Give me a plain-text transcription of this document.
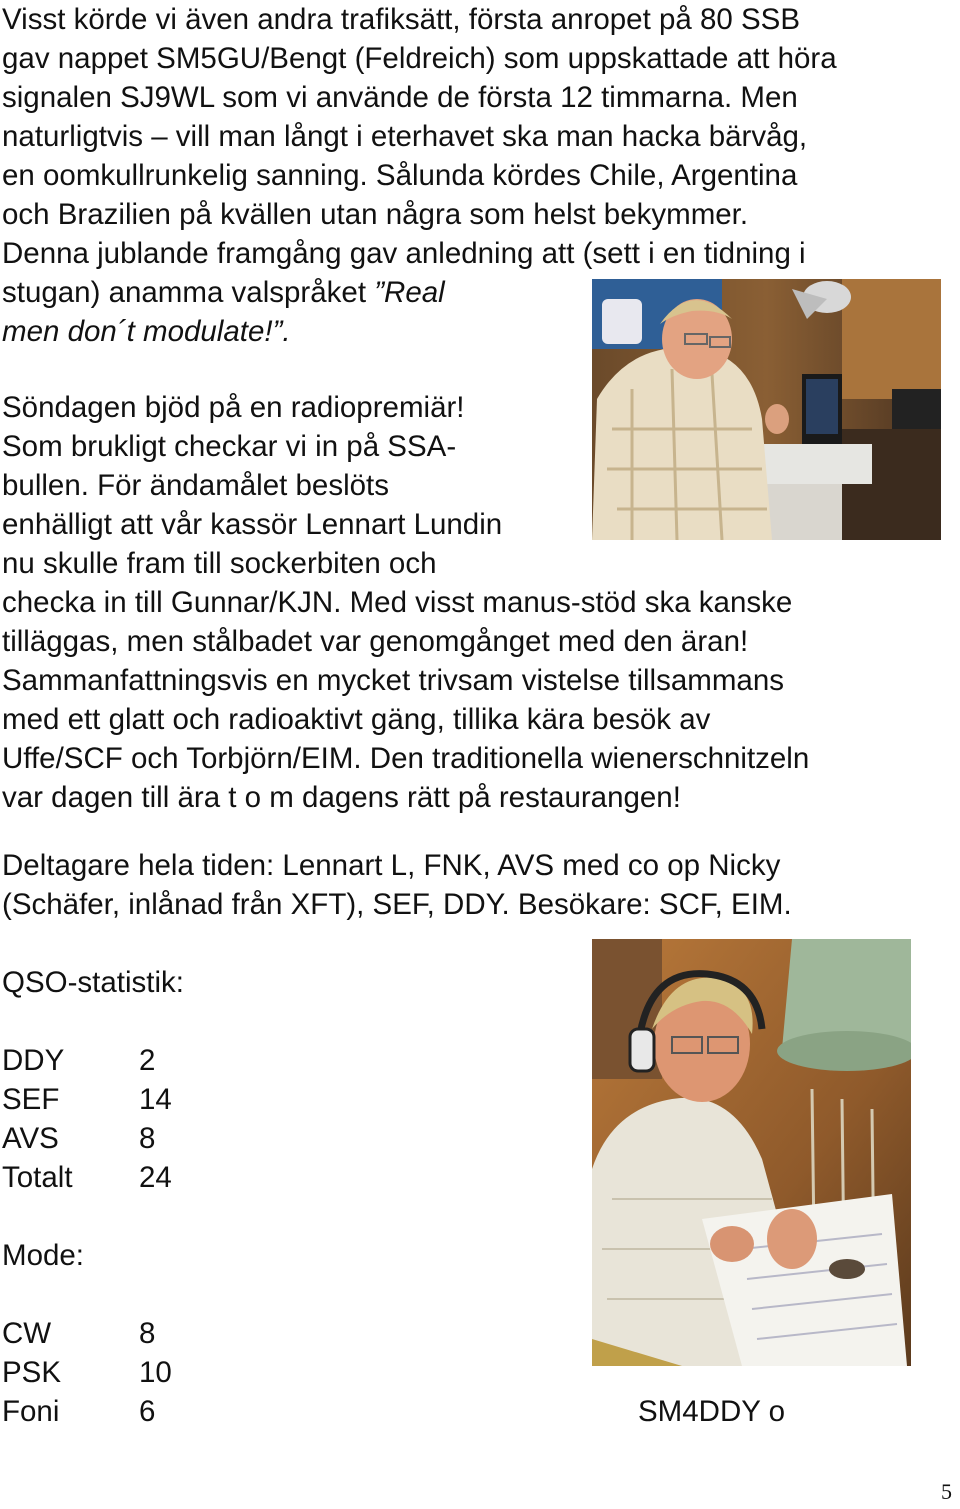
Visst körde vi även andra trafiksätt, första anropet på 80 SSB
gav nappet SM5GU/Bengt (Feldreich) som uppskattade att höra
signalen SJ9WL som vi använde de första 12 timmarna. Men
naturligtvis – vill man långt i eterhavet ska man hacka bärvåg,
en oomkullrunkelig sanning. Sålunda kördes Chile, Argentina
och Brazilien på kvällen utan några som helst bekymmer.
Denna jublande framgång gav anledning att (sett i en tidning i
stugan) anamma valspråket ”Real
men don´t modulate!”.
Söndagen bjöd på en radiopremiär!
Som brukligt checkar vi in på SSA-
bullen. För ändamålet beslöts
enhälligt att vår kassör Lennart Lundin
nu skulle fram till sockerbiten och
checka in till Gunnar/KJN. Med visst manus-stöd ska kanske
tilläggas, men stålbadet var genomgånget med den äran!
Sammanfattningsvis en mycket trivsam vistelse tillsammans
med ett glatt och radioaktivt gäng, tillika kära besök av
Uffe/SCF och Torbjörn/EIM. Den traditionella wienerschnitzeln
var dagen till ära t o m dagens rätt på restaurangen!
Deltagare hela tiden: Lennart L, FNK, AVS med co op Nicky
(Schäfer, inlånad från XFT), SEF, DDY. Besökare: SCF, EIM.
QSO-statistik:
DDY	2
SEF	14
AVS	8
Totalt 24
Mode:
CW	8
PSK	10
Foni	6	SM4DDY o
5
